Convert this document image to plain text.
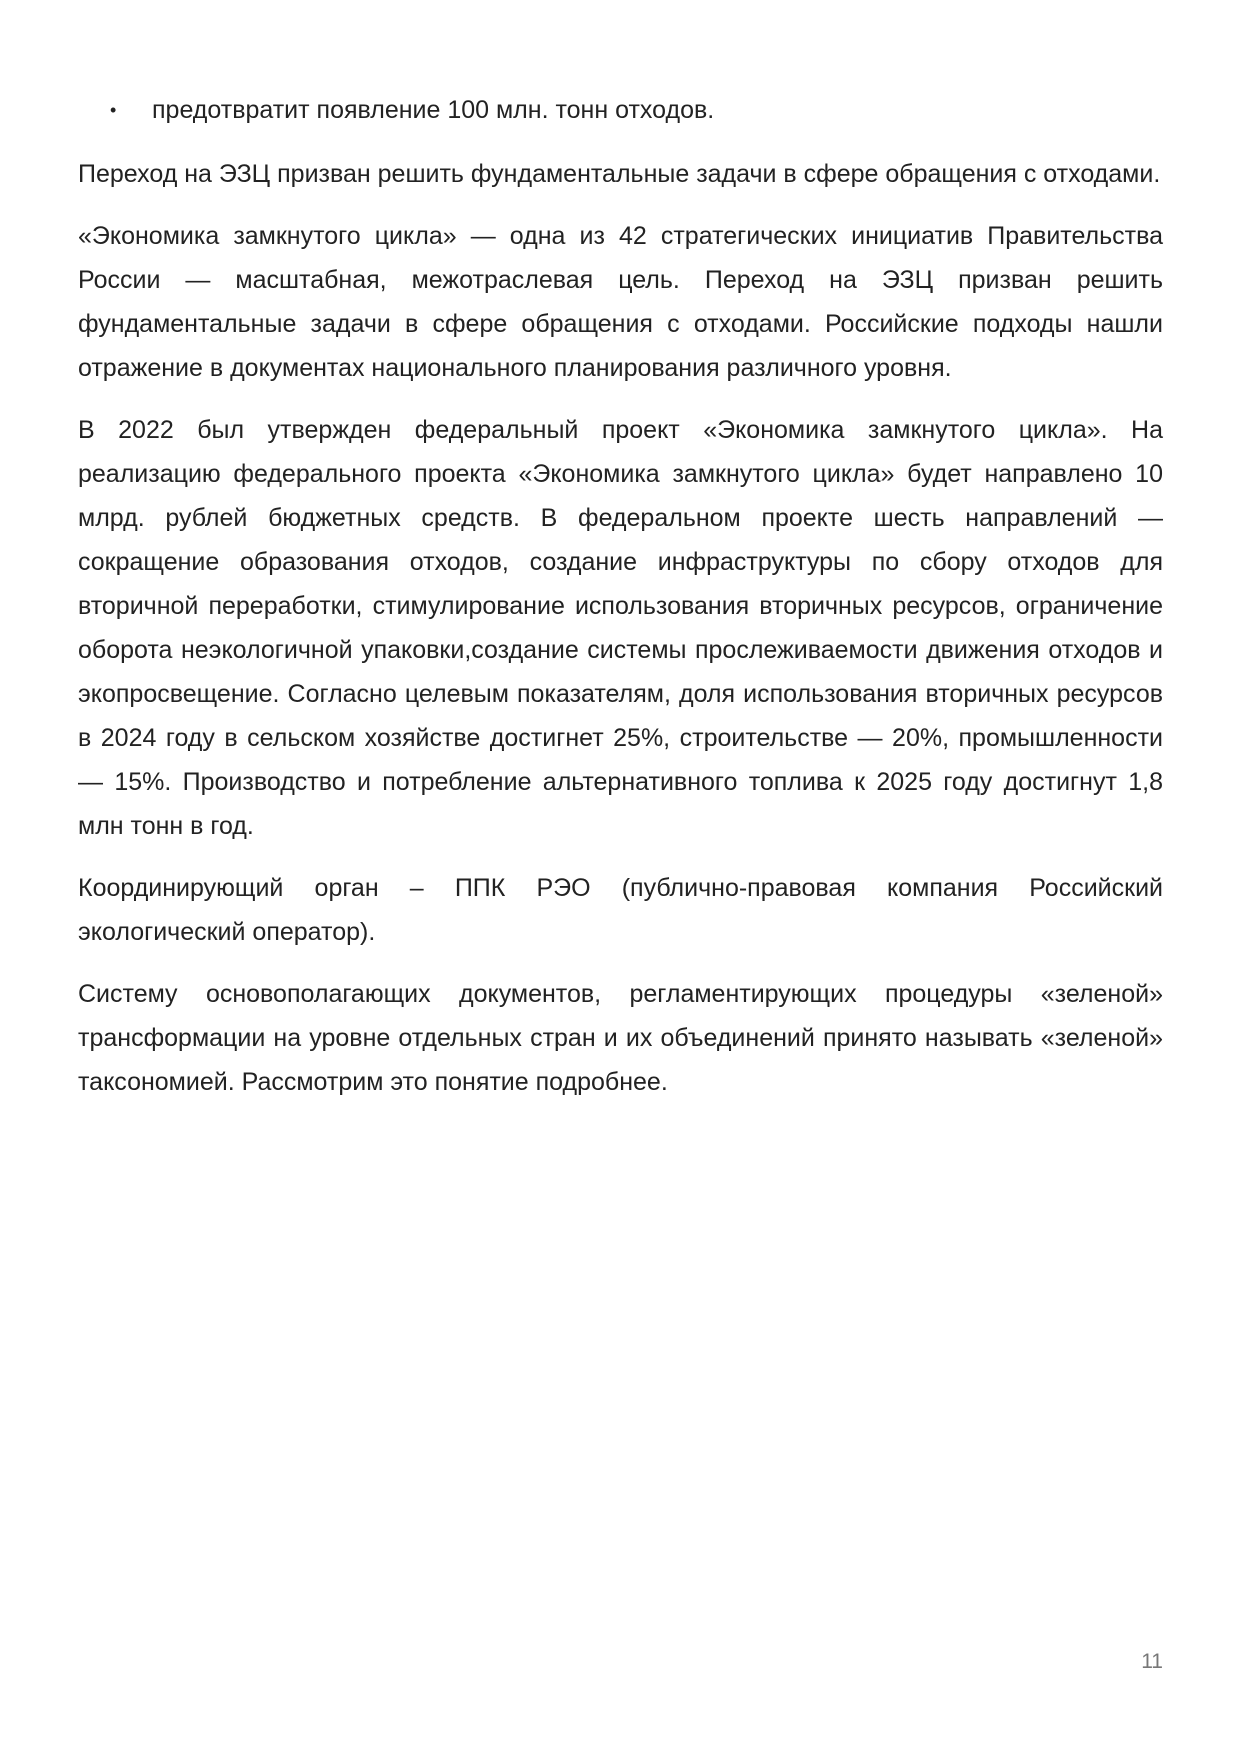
• предотвратит появление 100 млн. тонн отходов.

Переход на ЭЗЦ призван решить фундаментальные задачи в сфере обращения с отходами.

«Экономика замкнутого цикла» — одна из 42 стратегических инициатив Правительства России — масштабная, межотраслевая цель. Переход на ЭЗЦ призван решить фундаментальные задачи в сфере обращения с отходами. Российские подходы нашли отражение в документах национального планирования различного уровня.

В 2022 был утвержден федеральный проект «Экономика замкнутого цикла». На реализацию федерального проекта «Экономика замкнутого цикла» будет направлено 10 млрд. рублей бюджетных средств. В федеральном проекте шесть направлений — сокращение образования отходов, создание инфраструктуры по сбору отходов для вторичной переработки, стимулирование использования вторичных ресурсов, ограничение оборота неэкологичной упаковки,создание системы прослеживаемости движения отходов и экопросвещение. Согласно целевым показателям, доля использования вторичных ресурсов в 2024 году в сельском хозяйстве достигнет 25%, строительстве — 20%, промышленности — 15%. Производство и потребление альтернативного топлива к 2025 году достигнут 1,8 млн тонн в год.

Координирующий орган – ППК РЭО (публично-правовая компания Российский экологический оператор).

Систему основополагающих документов, регламентирующих процедуры «зеленой» трансформации на уровне отдельных стран и их объединений принято называть «зеленой» таксономией. Рассмотрим это понятие подробнее.

11
